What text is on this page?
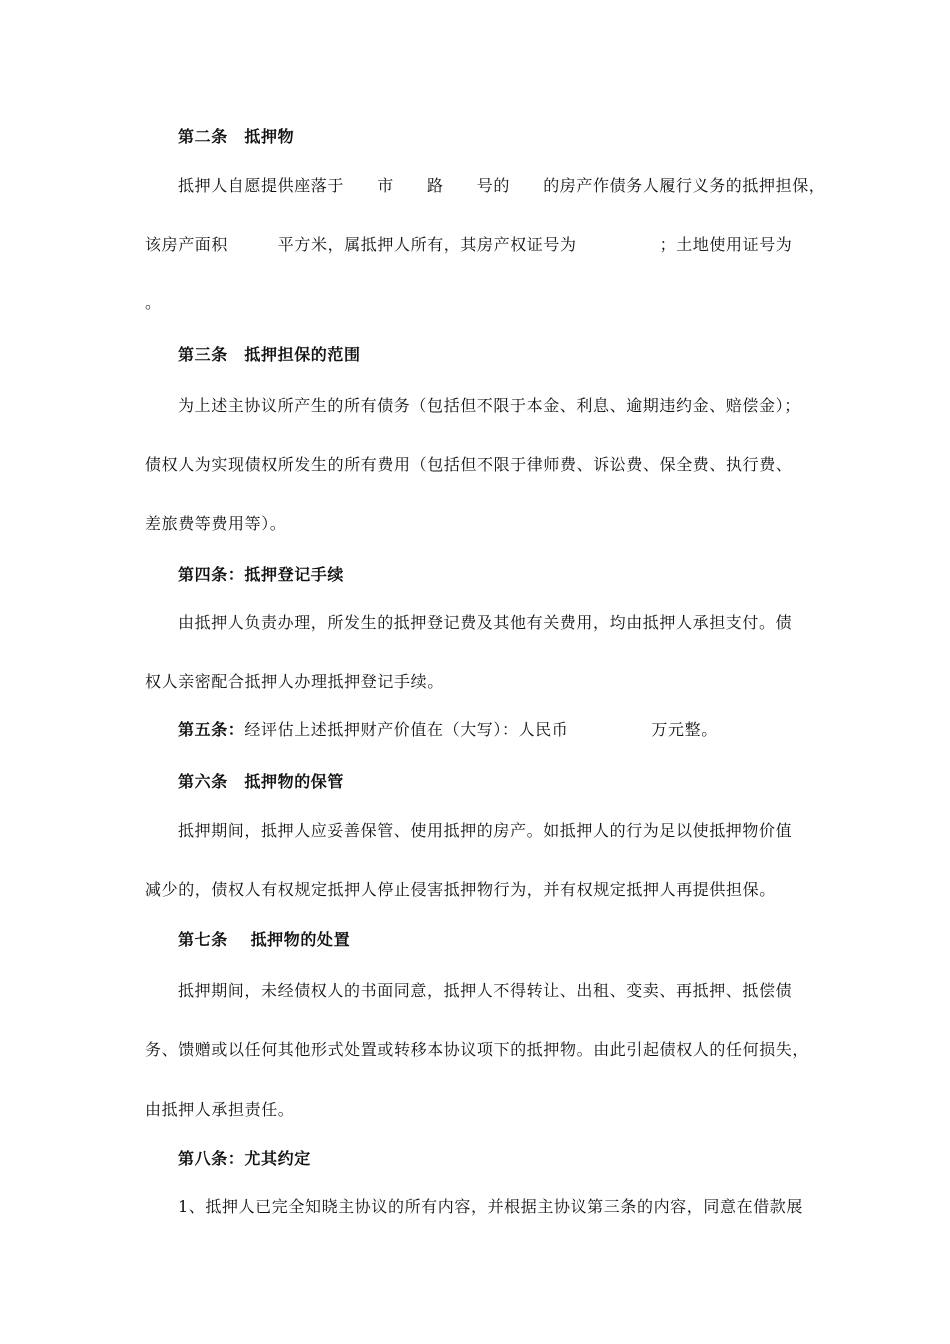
第二条　抵押物
抵押人自愿提供座落于　　市　　路　　号的　　的房产作债务人履行义务的抵押担保，
该房产面积　　　平方米，属抵押人所有，其房产权证号为　　　　　；土地使用证号为
。
第三条　抵押担保的范围
为上述主协议所产生的所有债务（包括但不限于本金、利息、逾期违约金、赔偿金）；
债权人为实现债权所发生的所有费用（包括但不限于律师费、诉讼费、保全费、执行费、
差旅费等费用等）。
第四条：抵押登记手续
由抵押人负责办理，所发生的抵押登记费及其他有关费用，均由抵押人承担支付。债
权人亲密配合抵押人办理抵押登记手续。
第五条：经评估上述抵押财产价值在（大写）：人民币　　　　　万元整。
第六条　抵押物的保管
抵押期间，抵押人应妥善保管、使用抵押的房产。如抵押人的行为足以使抵押物价值
减少的，债权人有权规定抵押人停止侵害抵押物行为，并有权规定抵押人再提供担保。
第七条　 抵押物的处置
抵押期间，未经债权人的书面同意，抵押人不得转让、出租、变卖、再抵押、抵偿债
务、馈赠或以任何其他形式处置或转移本协议项下的抵押物。由此引起债权人的任何损失，
由抵押人承担责任。
第八条：尤其约定
1、抵押人已完全知晓主协议的所有内容，并根据主协议第三条的内容，同意在借款展
